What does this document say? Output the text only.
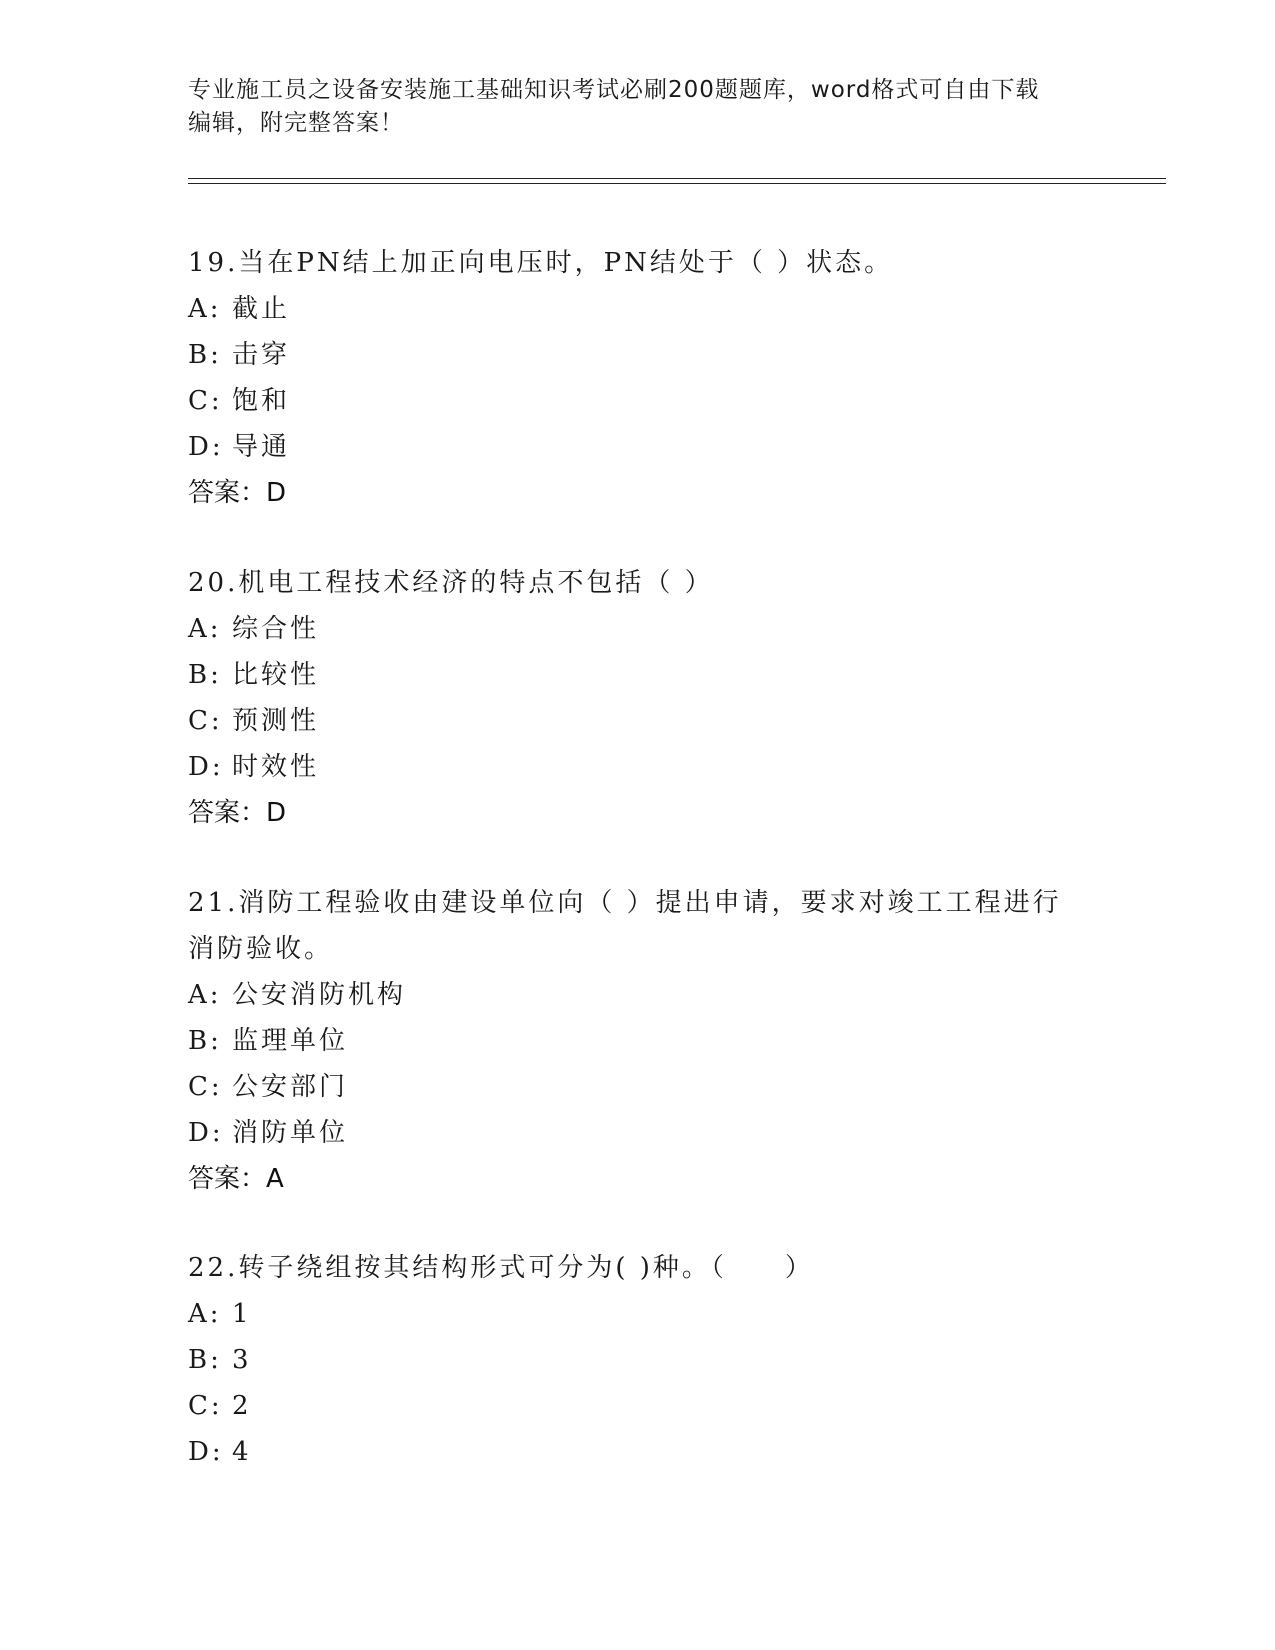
专业施工员之设备安装施工基础知识考试必刷200题题库，word格式可自由下载
编辑，附完整答案！

19.当在PN结上加正向电压时，PN结处于（ ）状态。

A: 截止

B: 击穿

C: 饱和

D: 导通

答案：D

20.机电工程技术经济的特点不包括（ ）

A: 综合性

B: 比较性

C: 预测性

D: 时效性

答案：D

21.消防工程验收由建设单位向（ ）提出申请，要求对竣工工程进行

消防验收。

A: 公安消防机构

B: 监理单位

C: 公安部门

D: 消防单位

答案：A

22.转子绕组按其结构形式可分为( )种。（　　）

A: 1

B: 3

C: 2

D: 4
